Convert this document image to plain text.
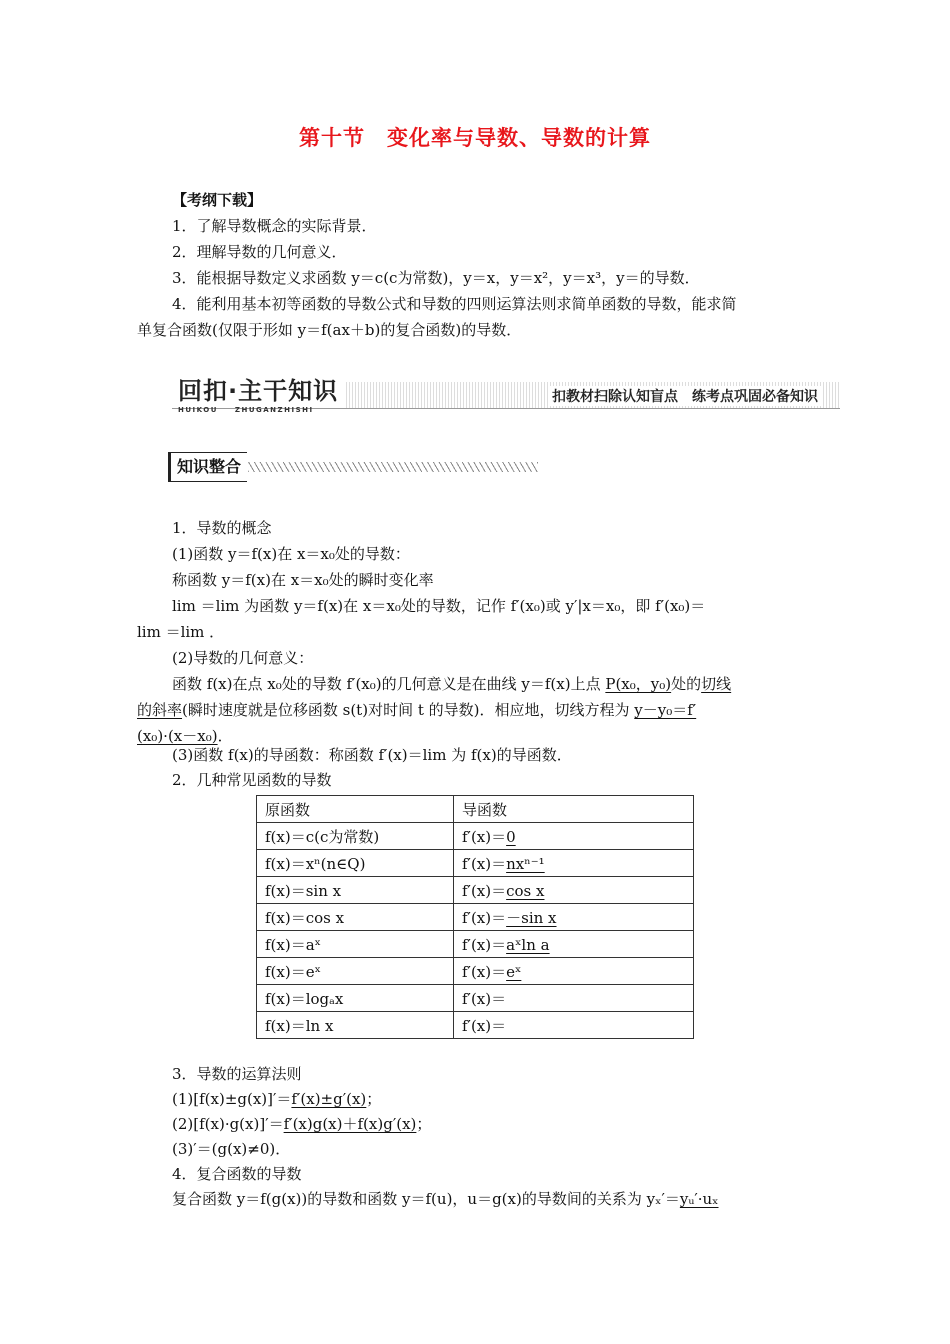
第十节　变化率与导数、导数的计算
【考纲下载】
1．了解导数概念的实际背景．
2．理解导数的几何意义．
3．能根据导数定义求函数 y＝c(c为常数)，y＝x，y＝x²，y＝x³，y＝的导数．
4．能利用基本初等函数的导数公式和导数的四则运算法则求简单函数的导数，能求简
单复合函数(仅限于形如 y＝f(ax＋b)的复合函数)的导数．
回扣·主干知识
HUIKOU　　ZHUGANZHISHI
扣教材扫除认知盲点　练考点巩固必备知识
知识整合
1．导数的概念
(1)函数 y＝f(x)在 x＝x₀处的导数：
称函数 y＝f(x)在 x＝x₀处的瞬时变化率
lim ＝lim 为函数 y＝f(x)在 x＝x₀处的导数，记作 f′(x₀)或 y′|x＝x₀，即 f′(x₀)＝
lim ＝lim ．
(2)导数的几何意义：
函数 f(x)在点 x₀处的导数 f′(x₀)的几何意义是在曲线 y＝f(x)上点 P(x₀，y₀)处的切线
的斜率(瞬时速度就是位移函数 s(t)对时间 t 的导数)．相应地，切线方程为 y－y₀＝f′
(x₀)·(x－x₀)．
(3)函数 f(x)的导函数：称函数 f′(x)＝lim 为 f(x)的导函数．
2．几种常见函数的导数
原函数	导函数
f(x)＝c(c为常数)	f′(x)＝0
f(x)＝xⁿ(n∈Q)	f′(x)＝nxⁿ⁻¹
f(x)＝sin x	f′(x)＝cos x
f(x)＝cos x	f′(x)＝－sin x
f(x)＝aˣ	f′(x)＝aˣln a
f(x)＝eˣ	f′(x)＝eˣ
f(x)＝logₐx	f′(x)＝
f(x)＝ln x	f′(x)＝
3．导数的运算法则
(1)[f(x)±g(x)]′＝f′(x)±g′(x)；
(2)[f(x)·g(x)]′＝f′(x)g(x)＋f(x)g′(x)；
(3)′＝(g(x)≠0)．
4．复合函数的导数
复合函数 y＝f(g(x))的导数和函数 y＝f(u)，u＝g(x)的导数间的关系为 yₓ′＝yᵤ′·uₓ
